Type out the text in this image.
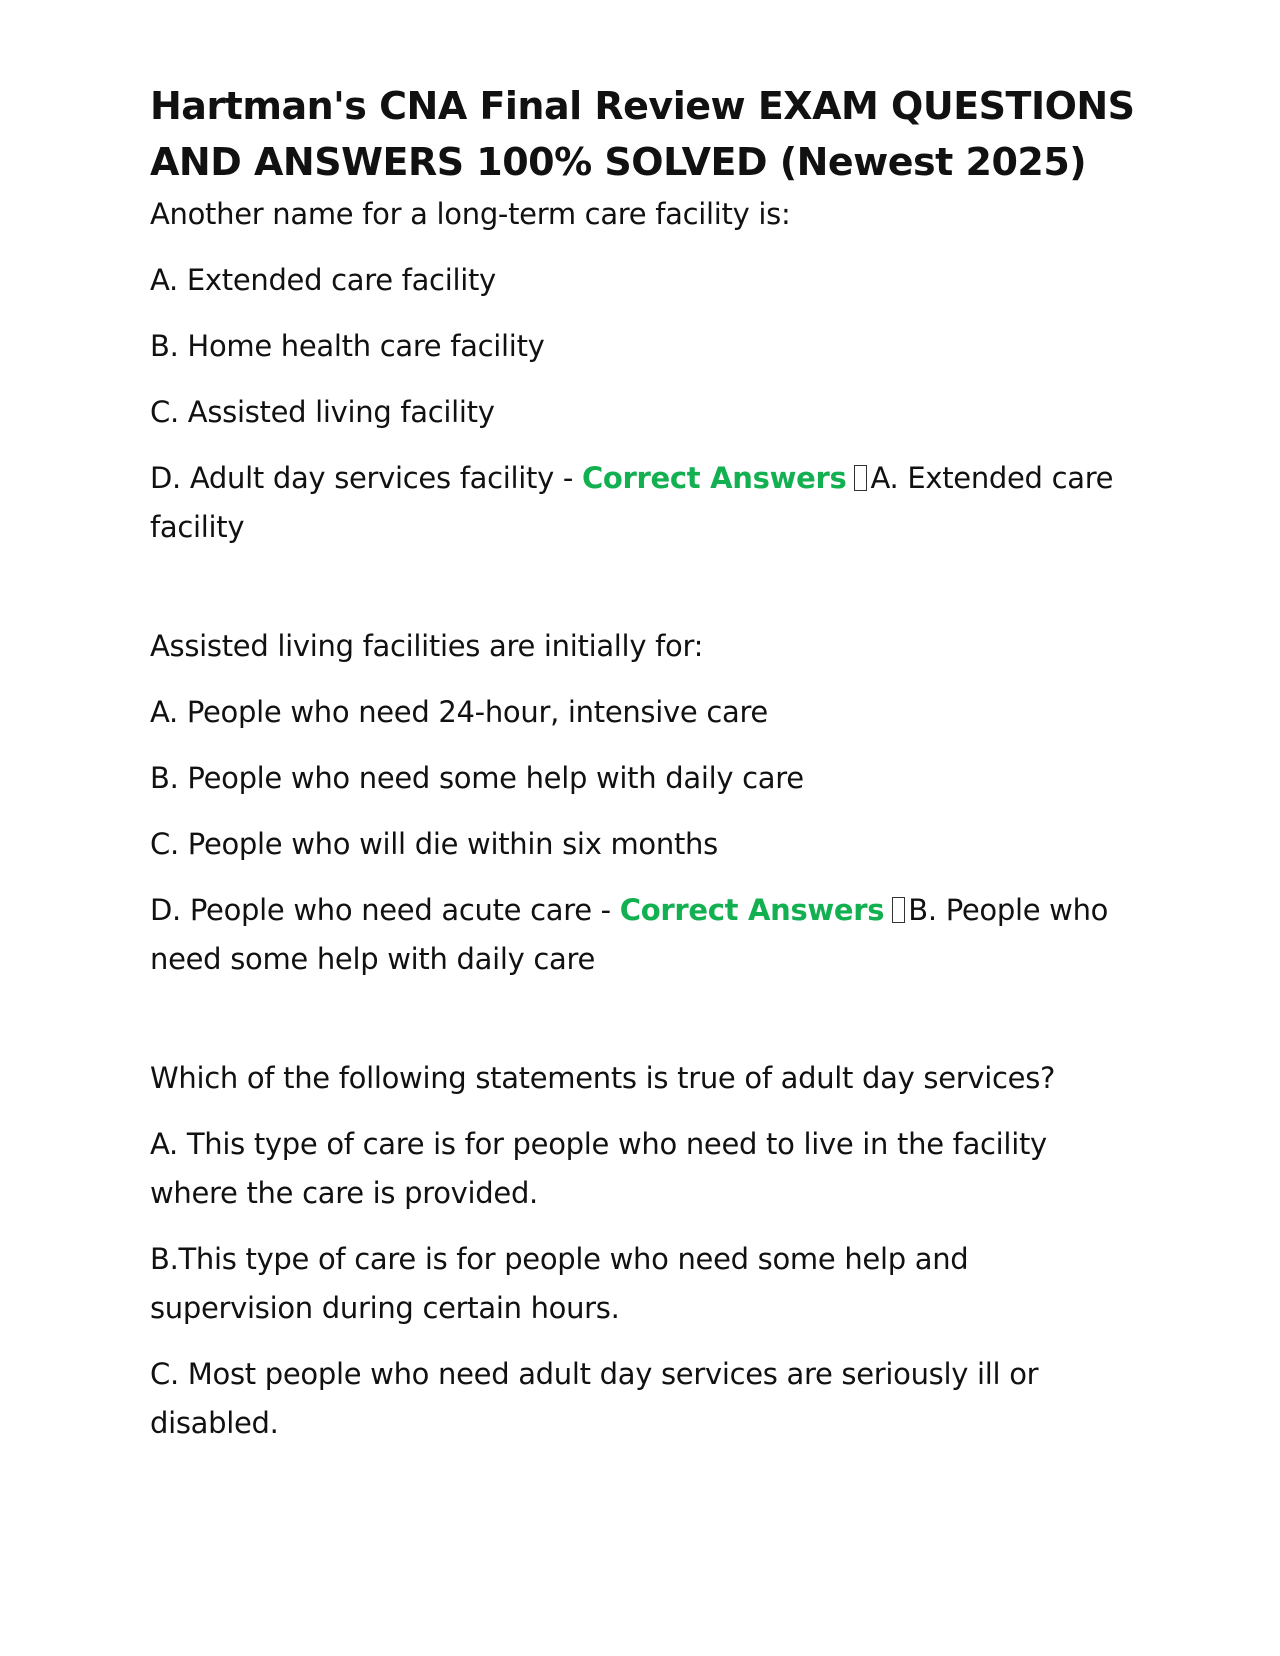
Hartman's CNA Final Review EXAM QUESTIONS AND ANSWERS 100% SOLVED (Newest 2025)

Another name for a long-term care facility is:

A. Extended care facility

B. Home health care facility

C. Assisted living facility

D. Adult day services facility - Correct Answers A. Extended care facility

Assisted living facilities are initially for:

A. People who need 24-hour, intensive care

B. People who need some help with daily care

C. People who will die within six months

D. People who need acute care - Correct Answers B. People who need some help with daily care

Which of the following statements is true of adult day services?

A. This type of care is for people who need to live in the facility where the care is provided.

B.This type of care is for people who need some help and supervision during certain hours.

C. Most people who need adult day services are seriously ill or disabled.
